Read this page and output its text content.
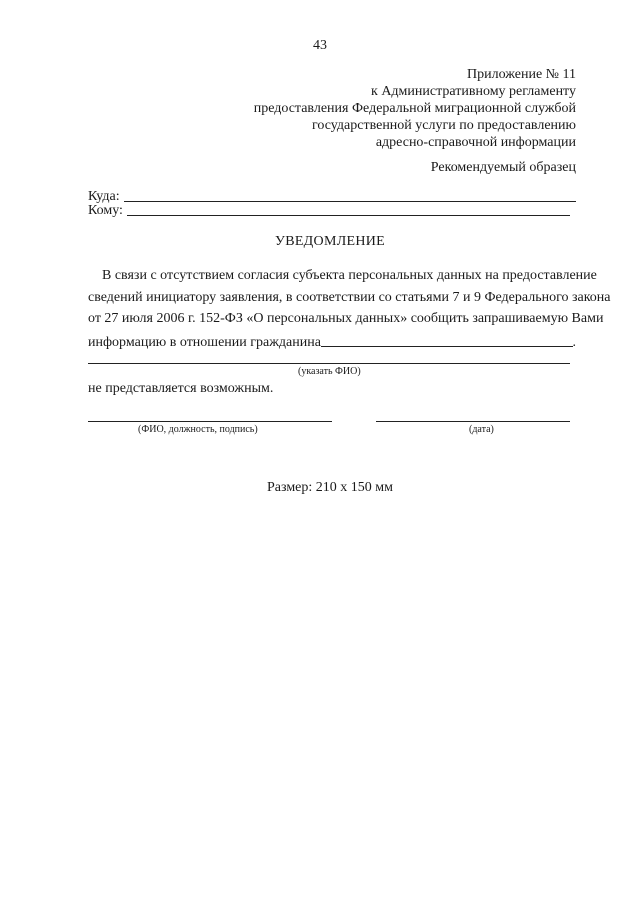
43
Приложение № 11
к Административному регламенту
предоставления Федеральной миграционной службой
государственной услуги по предоставлению
адресно-справочной информации
Рекомендуемый образец
Куда:
Кому:
УВЕДОМЛЕНИЕ
В связи с отсутствием согласия субъекта персональных данных на предоставление
сведений инициатору заявления, в соответствии со статьями 7 и 9 Федерального закона
от 27 июля 2006 г. 152-ФЗ «О персональных данных» сообщить запрашиваемую Вами
информацию в отношении гражданина	.
(указать ФИО)
не представляется возможным.
(ФИО, должность, подпись)	(дата)
Размер: 210 х 150 мм
